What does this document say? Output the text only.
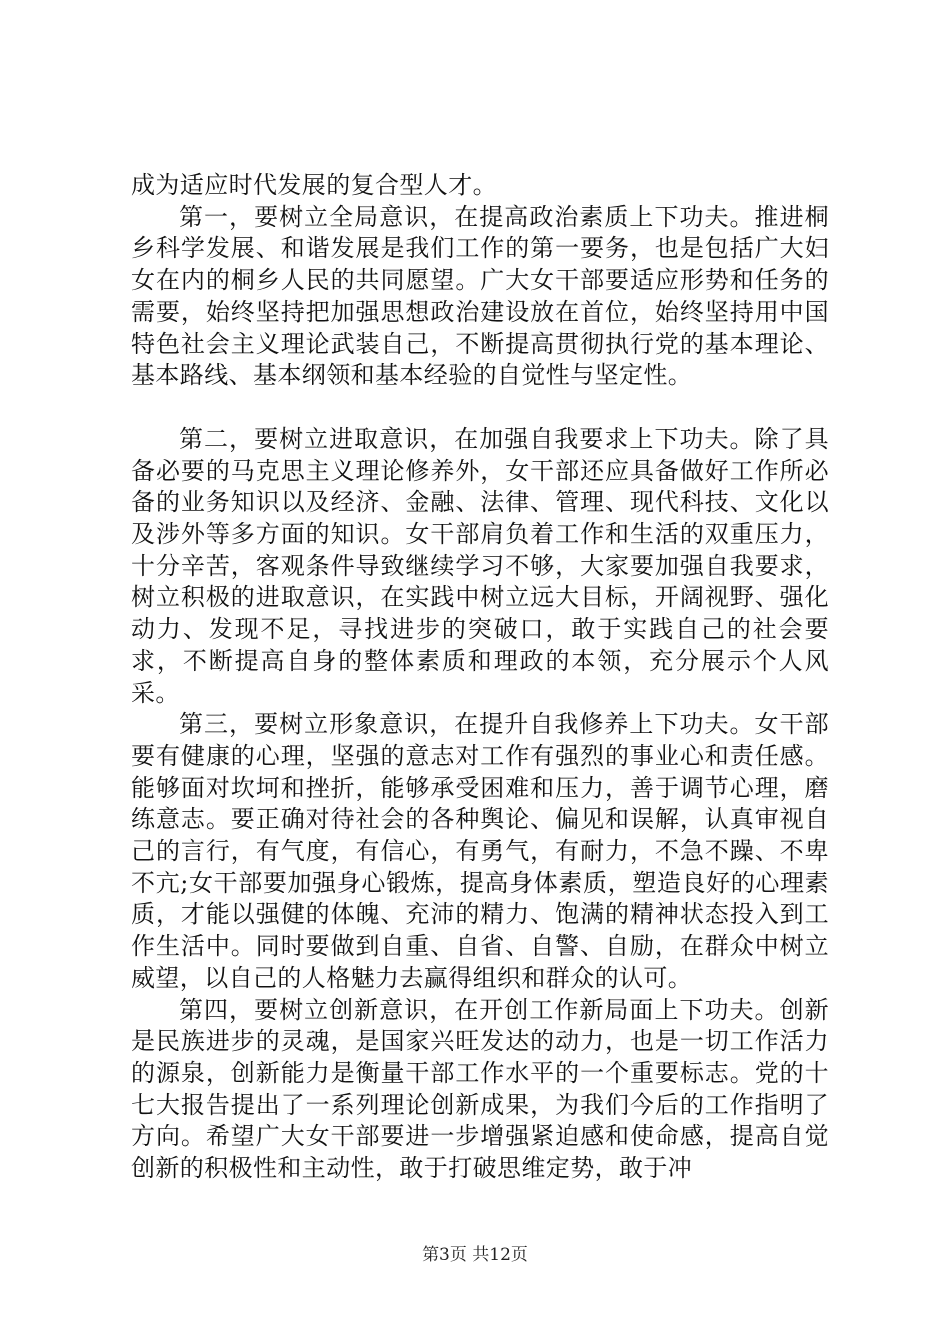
成为适应时代发展的复合型人才。

第一，要树立全局意识，在提高政治素质上下功夫。推进桐乡科学发展、和谐发展是我们工作的第一要务，也是包括广大妇女在内的桐乡人民的共同愿望。广大女干部要适应形势和任务的需要，始终坚持把加强思想政治建设放在首位，始终坚持用中国特色社会主义理论武装自己，不断提高贯彻执行党的基本理论、基本路线、基本纲领和基本经验的自觉性与坚定性。

第二，要树立进取意识，在加强自我要求上下功夫。除了具备必要的马克思主义理论修养外，女干部还应具备做好工作所必备的业务知识以及经济、金融、法律、管理、现代科技、文化以及涉外等多方面的知识。女干部肩负着工作和生活的双重压力，十分辛苦，客观条件导致继续学习不够，大家要加强自我要求，树立积极的进取意识，在实践中树立远大目标，开阔视野、强化动力、发现不足，寻找进步的突破口，敢于实践自己的社会要求，不断提高自身的整体素质和理政的本领，充分展示个人风采。

第三，要树立形象意识，在提升自我修养上下功夫。女干部要有健康的心理，坚强的意志对工作有强烈的事业心和责任感。能够面对坎坷和挫折，能够承受困难和压力，善于调节心理，磨练意志。要正确对待社会的各种舆论、偏见和误解，认真审视自己的言行，有气度，有信心，有勇气，有耐力，不急不躁、不卑不亢;女干部要加强身心锻炼，提高身体素质，塑造良好的心理素质，才能以强健的体魄、充沛的精力、饱满的精神状态投入到工作生活中。同时要做到自重、自省、自警、自励，在群众中树立威望，以自己的人格魅力去赢得组织和群众的认可。

第四，要树立创新意识，在开创工作新局面上下功夫。创新是民族进步的灵魂，是国家兴旺发达的动力，也是一切工作活力的源泉，创新能力是衡量干部工作水平的一个重要标志。党的十七大报告提出了一系列理论创新成果，为我们今后的工作指明了方向。希望广大女干部要进一步增强紧迫感和使命感，提高自觉创新的积极性和主动性，敢于打破思维定势，敢于冲

第3页 共12页
